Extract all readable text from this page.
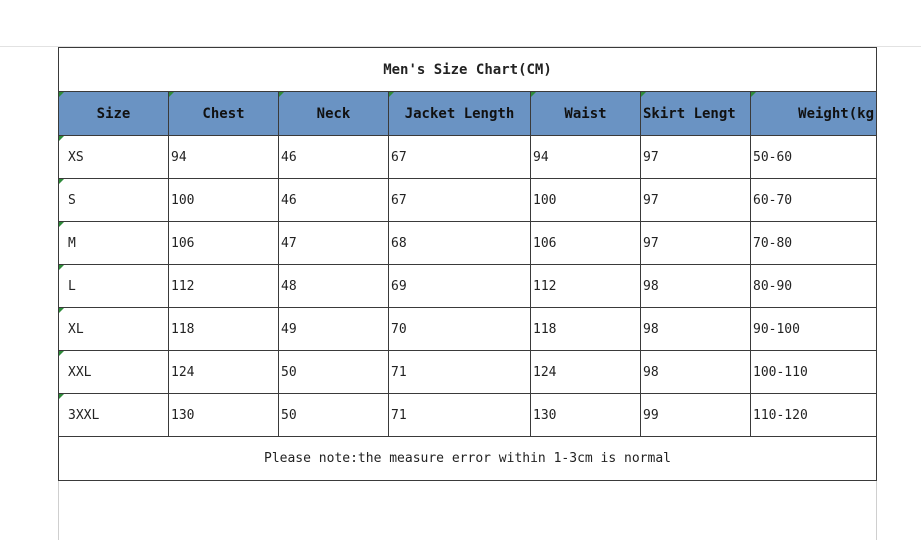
Men's Size Chart(CM)						

Size	Chest	Neck	Jacket Length	Waist	Skirt Lengt	Weight(kg

XS	94	46	67	94	97	50-60

S	100	46	67	100	97	60-70

M	106	47	68	106	97	70-80

L	112	48	69	112	98	80-90

XL	118	49	70	118	98	90-100

XXL	124	50	71	124	98	100-110

3XXL	130	50	71	130	99	110-120
Please note:the measure error within 1-3cm is normal						
